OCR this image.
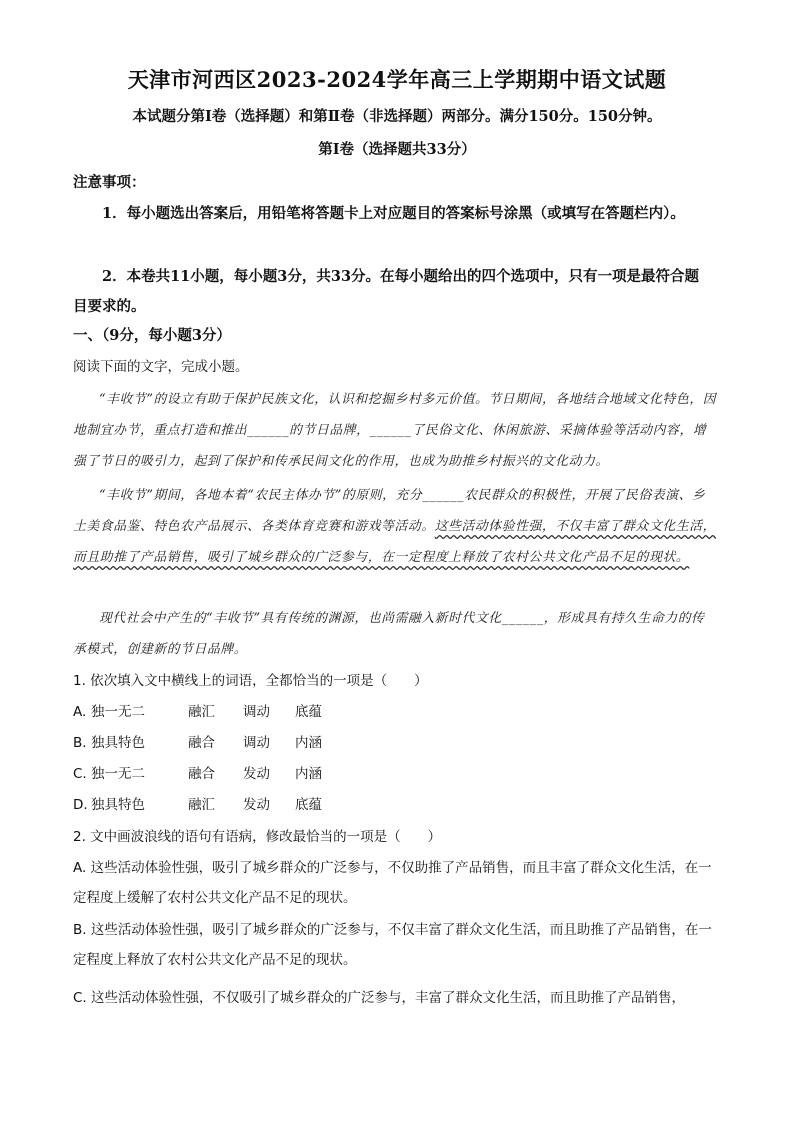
天津市河西区2023-2024学年高三上学期期中语文试题
本试题分第Ⅰ卷（选择题）和第Ⅱ卷（非选择题）两部分。满分150分。150分钟。
第Ⅰ卷（选择题共33分）
注意事项：
1．每小题选出答案后，用铅笔将答题卡上对应题目的答案标号涂黑（或填写在答题栏内）。
2．本卷共11小题，每小题3分，共33分。在每小题给出的四个选项中，只有一项是最符合题目要求的。
一、（9分，每小题3分）
阅读下面的文字，完成小题。
“丰收节”的设立有助于保护民族文化，认识和挖掘乡村多元价值。节日期间，各地结合地域文化特色，因地制宜办节，重点打造和推出______的节日品牌，______了民俗文化、休闲旅游、采摘体验等活动内容，增强了节日的吸引力，起到了保护和传承民间文化的作用，也成为助推乡村振兴的文化动力。
“丰收节”期间，各地本着“农民主体办节”的原则，充分______农民群众的积极性，开展了民俗表演、乡土美食品鉴、特色农产品展示、各类体育竞赛和游戏等活动。这些活动体验性强，不仅丰富了群众文化生活，而且助推了产品销售，吸引了城乡群众的广泛参与，在一定程度上释放了农村公共文化产品不足的现状。
现代社会中产生的“丰收节”具有传统的渊源，也尚需融入新时代文化______，形成具有持久生命力的传承模式，创建新的节日品牌。
1. 依次填入文中横线上的词语，全都恰当的一项是（　　）
A. 独一无二	融汇 调动 底蕴
B. 独具特色	融合 调动 内涵
C. 独一无二	融合 发动 内涵
D. 独具特色	融汇 发动 底蕴
2. 文中画波浪线的语句有语病，修改最恰当的一项是（　　）
A. 这些活动体验性强，吸引了城乡群众的广泛参与，不仅助推了产品销售，而且丰富了群众文化生活，在一定程度上缓解了农村公共文化产品不足的现状。
B. 这些活动体验性强，吸引了城乡群众的广泛参与，不仅丰富了群众文化生活，而且助推了产品销售，在一定程度上释放了农村公共文化产品不足的现状。
C. 这些活动体验性强，不仅吸引了城乡群众的广泛参与，丰富了群众文化生活，而且助推了产品销售，
